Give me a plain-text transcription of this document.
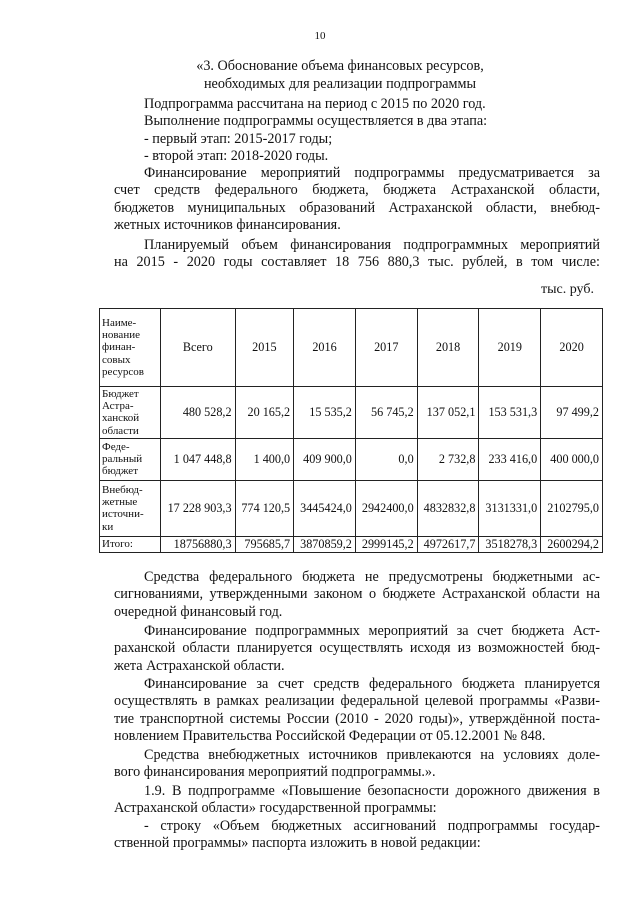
10
«3. Обоснование объема финансовых ресурсов,
необходимых для реализации подпрограммы
Подпрограмма рассчитана на период с 2015 по 2020 год.
Выполнение подпрограммы осуществляется в два этапа:
- первый этап: 2015-2017 годы;
- второй этап: 2018-2020 годы.
Финансирование мероприятий подпрограммы предусматривается за
счет средств федерального бюджета, бюджета Астраханской области,
бюджетов муниципальных образований Астраханской области, внебюд-
жетных источников финансирования.
Планируемый объем финансирования подпрограммных мероприятий
на 2015 - 2020 годы составляет 18 756 880,3 тыс. рублей, в том числе:
тыс. руб.
Наиме-
нование
финан-
совых
ресурсов	Всего	2015	2016	2017	2018	2019	2020
Бюджет
Астра-
ханской
области	480 528,2	20 165,2	15 535,2	56 745,2	137 052,1	153 531,3	97 499,2
Феде-
ральный
бюджет	1 047 448,8	1 400,0	409 900,0	0,0	2 732,8	233 416,0	400 000,0
Внебюд-
жетные
источни-
ки	17 228 903,3	774 120,5	3445424,0	2942400,0	4832832,8	3131331,0	2102795,0
Итого:	18756880,3	795685,7	3870859,2	2999145,2	4972617,7	3518278,3	2600294,2
Средства федерального бюджета не предусмотрены бюджетными ас-
сигнованиями, утвержденными законом о бюджете Астраханской области на
очередной финансовый год.
Финансирование подпрограммных мероприятий за счет бюджета Аст-
раханской области планируется осуществлять исходя из возможностей бюд-
жета Астраханской области.
Финансирование за счет средств федерального бюджета планируется
осуществлять в рамках реализации федеральной целевой программы «Разви-
тие транспортной системы России (2010 - 2020 годы)», утверждённой поста-
новлением Правительства Российской Федерации от 05.12.2001 № 848.
Средства внебюджетных источников привлекаются на условиях доле-
вого финансирования мероприятий подпрограммы.».
1.9. В подпрограмме «Повышение безопасности дорожного движения в
Астраханской области» государственной программы:
- строку «Объем бюджетных ассигнований подпрограммы государ-
ственной программы» паспорта изложить в новой редакции:
